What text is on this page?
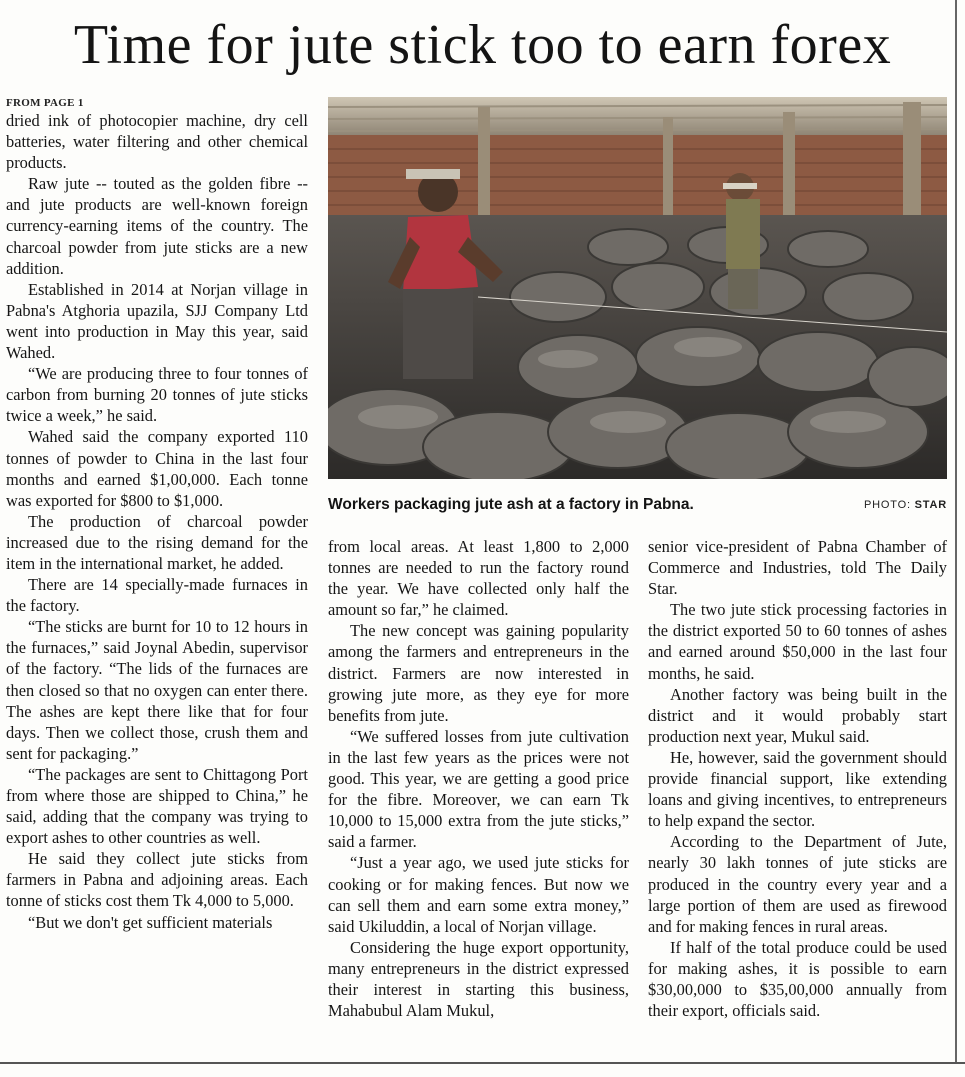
Time for jute stick too to earn forex
FROM PAGE 1

dried ink of photocopier machine, dry cell batteries, water filtering and other chemical products.

Raw jute -- touted as the golden fibre -- and jute products are well-known foreign currency-earning items of the country. The charcoal powder from jute sticks are a new addition.

Established in 2014 at Norjan village in Pabna's Atghoria upazila, SJJ Company Ltd went into production in May this year, said Wahed.

“We are producing three to four tonnes of carbon from burning 20 tonnes of jute sticks twice a week,” he said.

Wahed said the company exported 110 tonnes of powder to China in the last four months and earned $1,00,000. Each tonne was exported for $800 to $1,000.

The production of charcoal powder increased due to the rising demand for the item in the international market, he added.

There are 14 specially-made furnaces in the factory.

“The sticks are burnt for 10 to 12 hours in the furnaces,” said Joynal Abedin, supervisor of the factory. “The lids of the furnaces are then closed so that no oxygen can enter there. The ashes are kept there like that for four days. Then we collect those, crush them and sent for packaging.”

“The packages are sent to Chittagong Port from where those are shipped to China,” he said, adding that the company was trying to export ashes to other countries as well.

He said they collect jute sticks from farmers in Pabna and adjoining areas. Each tonne of sticks cost them Tk 4,000 to 5,000.

“But we don't get sufficient materials

Workers packaging jute ash at a factory in Pabna.	PHOTO: STAR

from local areas. At least 1,800 to 2,000 tonnes are needed to run the factory round the year. We have collected only half the amount so far,” he claimed.

The new concept was gaining popularity among the farmers and entrepreneurs in the district. Farmers are now interested in growing jute more, as they eye for more benefits from jute.

“We suffered losses from jute cultivation in the last few years as the prices were not good. This year, we are getting a good price for the fibre. Moreover, we can earn Tk 10,000 to 15,000 extra from the jute sticks,” said a farmer.

“Just a year ago, we used jute sticks for cooking or for making fences. But now we can sell them and earn some extra money,” said Ukiluddin, a local of Norjan village.

Considering the huge export opportunity, many entrepreneurs in the district expressed their interest in starting this business, Mahabubul Alam Mukul,

senior vice-president of Pabna Chamber of Commerce and Industries, told The Daily Star.

The two jute stick processing factories in the district exported 50 to 60 tonnes of ashes and earned around $50,000 in the last four months, he said.

Another factory was being built in the district and it would probably start production next year, Mukul said.

He, however, said the government should provide financial support, like extending loans and giving incentives, to entrepreneurs to help expand the sector.

According to the Department of Jute, nearly 30 lakh tonnes of jute sticks are produced in the country every year and a large portion of them are used as firewood and for making fences in rural areas.

If half of the total produce could be used for making ashes, it is possible to earn $30,00,000 to $35,00,000 annually from their export, officials said.
